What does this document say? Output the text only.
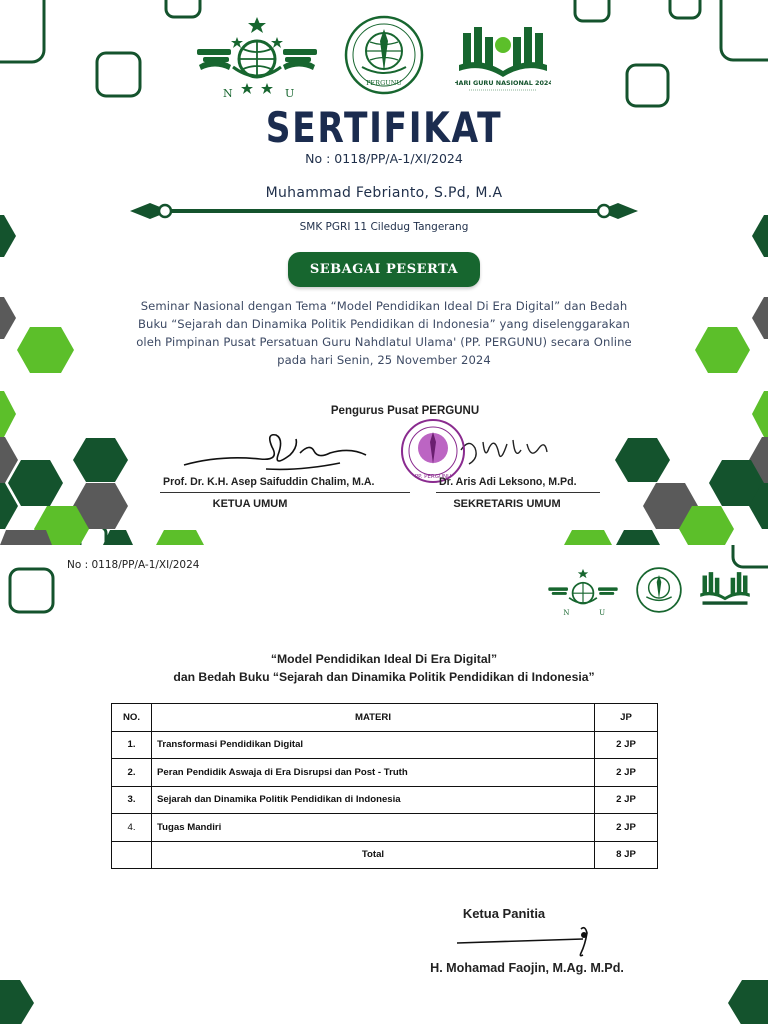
N	U
PERGUNU	HARI GURU NASIONAL 2024
SERTIFIKAT
No : 0118/PP/A-1/XI/2024
Muhammad Febrianto, S.Pd, M.A
SMK PGRI 11 Ciledug Tangerang
SEBAGAI PESERTA
Seminar Nasional dengan Tema “Model Pendidikan Ideal Di Era Digital” dan Bedah Buku “Sejarah dan Dinamika Politik Pendidikan di Indonesia” yang diselenggarakan oleh Pimpinan Pusat Persatuan Guru Nahdlatul Ulama' (PP. PERGUNU) secara Online pada hari Senin, 25 November 2024
Pengurus Pusat PERGUNU
PP. PERGUNU
Prof. Dr. K.H. Asep Saifuddin Chalim, M.A.
KETUA UMUM
Dr. Aris Adi Leksono, M.Pd.
SEKRETARIS UMUM
No : 0118/PP/A-1/XI/2024
N U
“Model Pendidikan Ideal Di Era Digital”
dan Bedah Buku “Sejarah dan Dinamika Politik Pendidikan di Indonesia”
NO.	MATERI	JP
1.	Transformasi Pendidikan Digital	2 JP
2.	Peran Pendidik Aswaja di Era Disrupsi dan Post - Truth	2 JP
3.	Sejarah dan Dinamika Politik Pendidikan di Indonesia	2 JP
4.	Tugas Mandiri	2 JP
	Total	8 JP
Ketua Panitia
H. Mohamad Faojin, M.Ag. M.Pd.
